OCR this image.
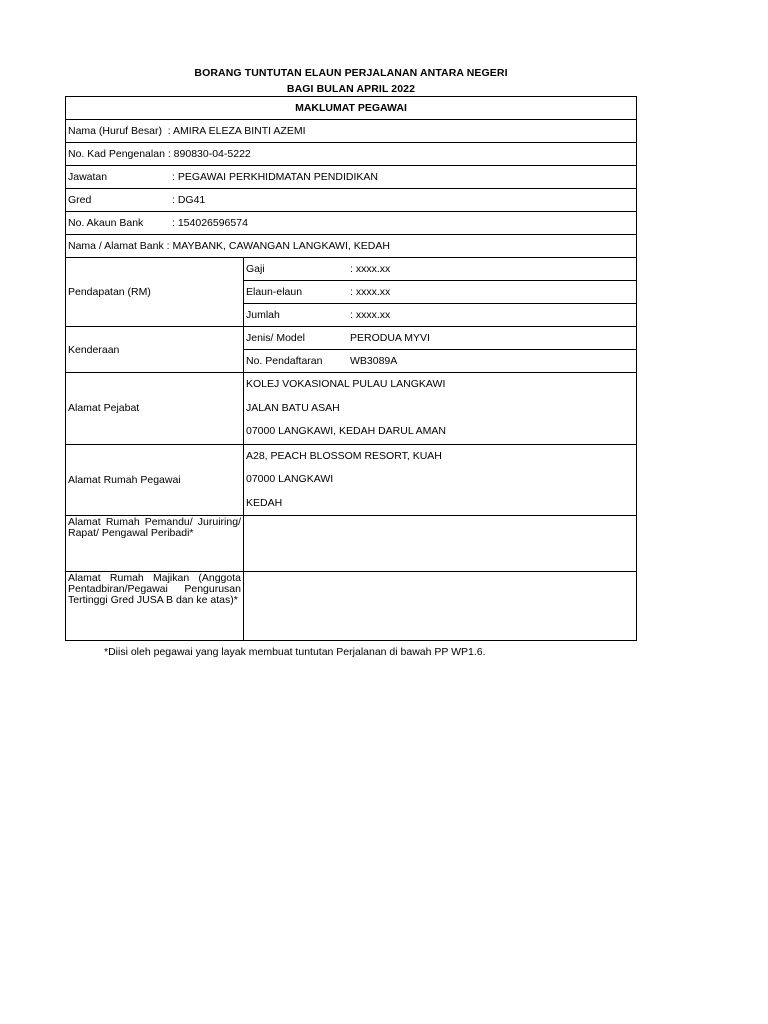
BORANG TUNTUTAN ELAUN PERJALANAN ANTARA NEGERI
BAGI BULAN APRIL 2022
MAKLUMAT PEGAWAI	
Nama (Huruf Besar) : AMIRA ELEZA BINTI AZEMI	
No. Kad Pengenalan : 890830-04-5222	
Jawatan : PEGAWAI PERKHIDMATAN PENDIDIKAN	
Gred : DG41	
No. Akaun Bank : 154026596574	
Nama / Alamat Bank : MAYBANK, CAWANGAN LANGKAWI, KEDAH	
Pendapatan (RM)	Gaji : xxxx.xx
	Elaun-elaun : xxxx.xx
	Jumlah : xxxx.xx
Kenderaan	Jenis/ Model PERODUA MYVI
	No. Pendaftaran WB3089A
Alamat Pejabat	KOLEJ VOKASIONAL PULAU LANGKAWI
JALAN BATU ASAH
07000 LANGKAWI, KEDAH DARUL AMAN

Alamat Rumah Pegawai	A28, PEACH BLOSSOM RESORT, KUAH
07000 LANGKAWI
KEDAH

Alamat Rumah Pemandu/ Juruiring/ Rapat/ Pengawal Peribadi*	
Alamat Rumah Majikan (Anggota Pentadbiran/Pegawai Pengurusan Tertinggi Gred JUSA B dan ke atas)*	
*Diisi oleh pegawai yang layak membuat tuntutan Perjalanan di bawah PP WP1.6.
